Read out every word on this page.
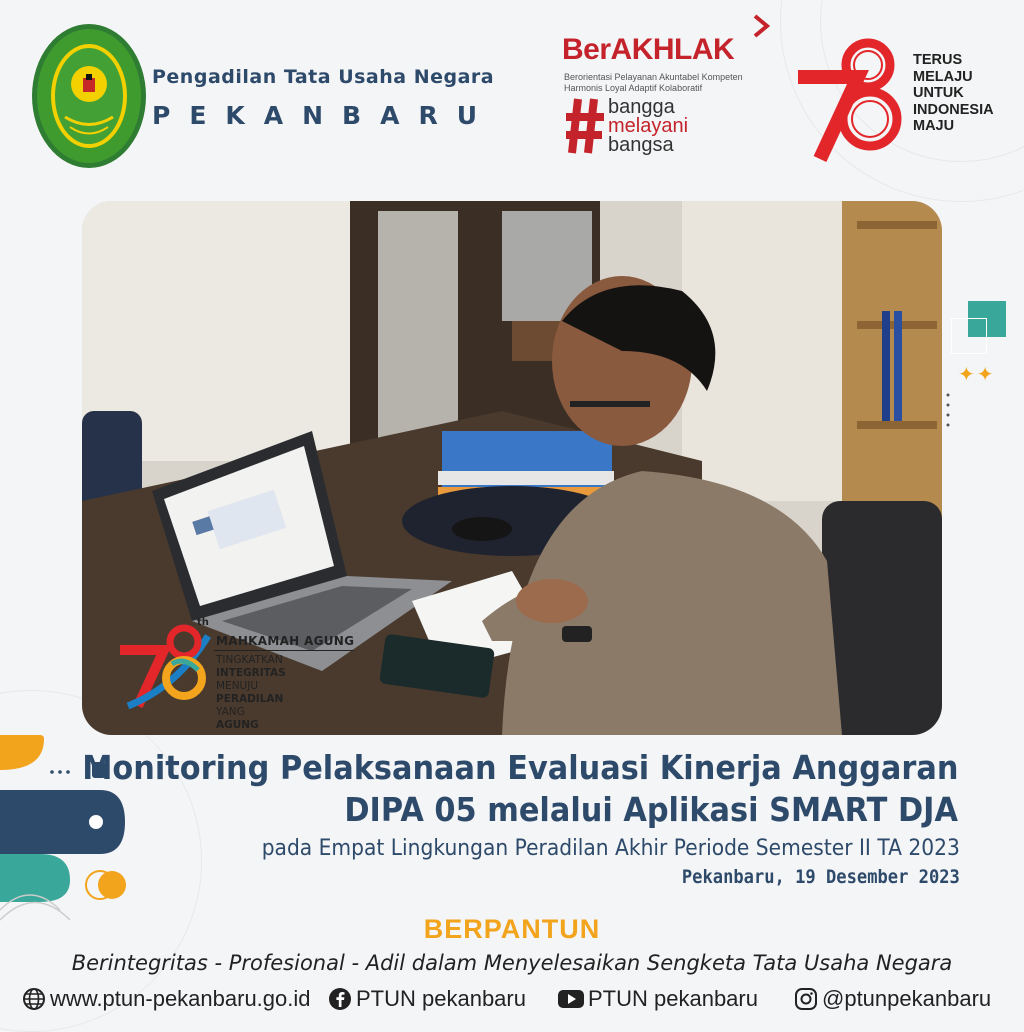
Pengadilan Tata Usaha Negara
PEKANBARU
BerAKHLAK
Berorientasi Pelayanan Akuntabel Kompeten
Harmonis Loyal Adaptif Kolaboratif
bangga
melayani
bangsa
TERUS
MELAJU
UNTUK
INDONESIA
MAJU
th
MAHKAMAH AGUNG
TINGKATKAN
INTEGRITAS
MENUJU
PERADILAN
YANG
AGUNG
✦✦
Monitoring Pelaksanaan Evaluasi Kinerja Anggaran
DIPA 05 melalui Aplikasi SMART DJA
pada Empat Lingkungan Peradilan Akhir Periode Semester II TA 2023
Pekanbaru, 19 Desember 2023
BERPANTUN
Berintegritas - Profesional - Adil dalam Menyelesaikan Sengketa Tata Usaha Negara
www.ptun-pekanbaru.go.id PTUN pekanbaru	PTUN pekanbaru	@ptunpekanbaru
